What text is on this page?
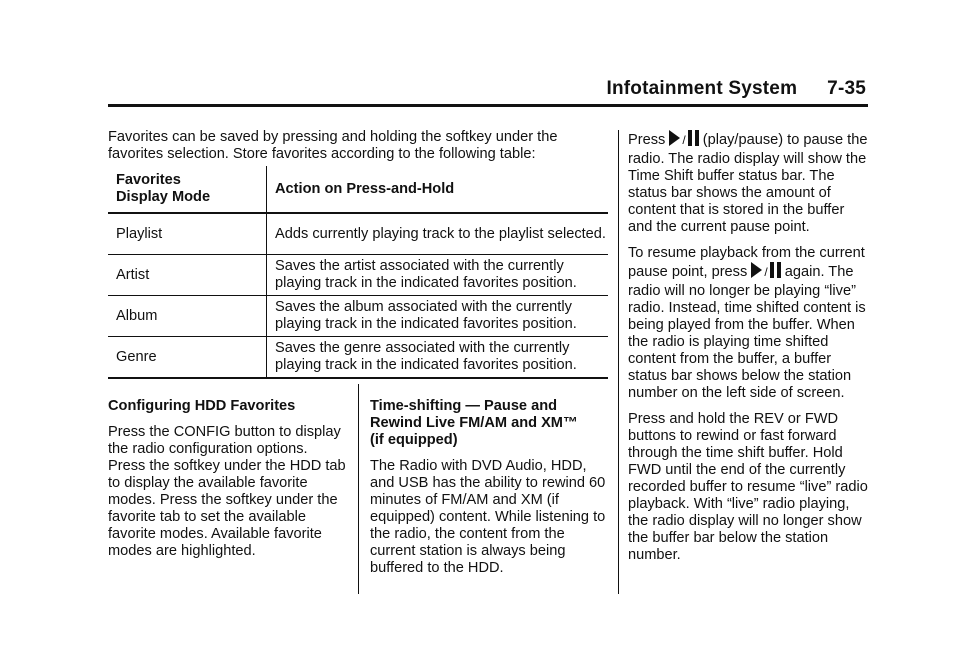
Infotainment System 7-35

Favorites can be saved by pressing and holding the softkey under the favorites selection. Store favorites according to the following table:

Favorites
Display Mode	Action on Press-and-Hold
Playlist	Adds currently playing track to the playlist selected.
Artist	Saves the artist associated with the currently playing track in the indicated favorites position.
Album	Saves the album associated with the currently playing track in the indicated favorites position.
Genre	Saves the genre associated with the currently playing track in the indicated favorites position.

Configuring HDD Favorites

Press the CONFIG button to display the radio configuration options. Press the softkey under the HDD tab to display the available favorite modes. Press the softkey under the favorite tab to set the available favorite modes. Available favorite modes are highlighted.

Time-shifting — Pause and
Rewind Live FM/AM and XM™
(if equipped)

The Radio with DVD Audio, HDD, and USB has the ability to rewind 60 minutes of FM/AM and XM (if equipped) content. While listening to the radio, the content from the current station is always being buffered to the HDD.

Press / (play/pause) to pause the radio. The radio display will show the Time Shift buffer status bar. The status bar shows the amount of content that is stored in the buffer and the current pause point.

To resume playback from the current pause point, press / again. The radio will no longer be playing “live” radio. Instead, time shifted content is being played from the buffer. When the radio is playing time shifted content from the buffer, a buffer status bar shows below the station number on the left side of screen.

Press and hold the REV or FWD buttons to rewind or fast forward through the time shift buffer. Hold FWD until the end of the currently recorded buffer to resume “live” radio playback. With “live” radio playing, the radio display will no longer show the buffer bar below the station number.
